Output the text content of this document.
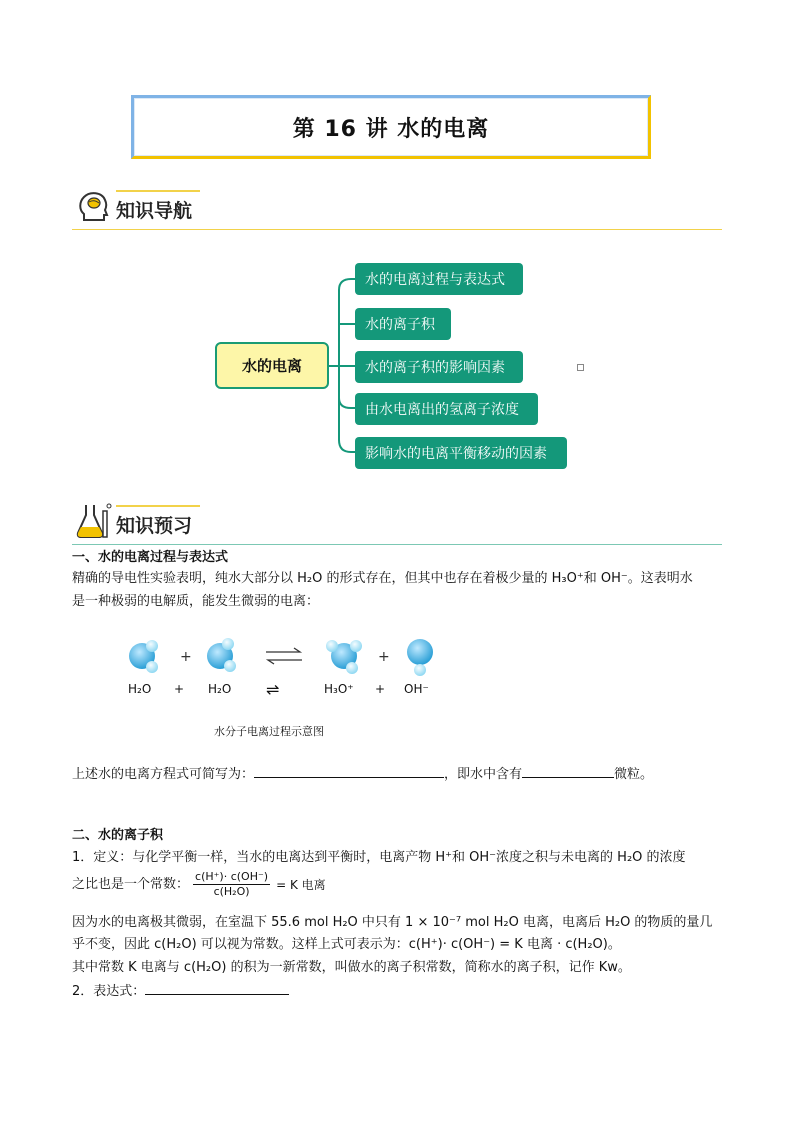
第 16 讲 水的电离
知识导航
水的电离
水的电离过程与表达式
水的离子积
水的离子积的影响因素
由水电离出的氢离子浓度
影响水的电离平衡移动的因素
知识预习
一、水的电离过程与表达式
精确的导电性实验表明，纯水大部分以 H₂O 的形式存在，但其中也存在着极少量的 H₃O⁺和 OH⁻。这表明水
是一种极弱的电解质，能发生微弱的电离：
+	+
H₂O + H₂O ⇌	H₃O⁺ + OH⁻
水分子电离过程示意图
上述水的电离方程式可简写为：	，即水中含有	微粒。
二、水的离子积
1．定义：与化学平衡一样，当水的电离达到平衡时，电离产物 H⁺和 OH⁻浓度之积与未电离的 H₂O 的浓度
之比也是一个常数： $\frac{c(H^+)\cdot c(OH^-)}{\text{c(H₂O)}} = K$ 电离
因为水的电离极其微弱，在室温下 55.6 mol H₂O 中只有 1 × 10⁻⁷ mol H₂O 电离，电离后 H₂O 的物质的量几
乎不变，因此 c(H₂O) 可以视为常数。这样上式可表示为：c(H⁺)· c(OH⁻) = K 电离 · c(H₂O)。
其中常数 K 电离与 c(H₂O) 的积为一新常数，叫做水的离子积常数，简称水的离子积，记作 Kw。
2．表达式：
